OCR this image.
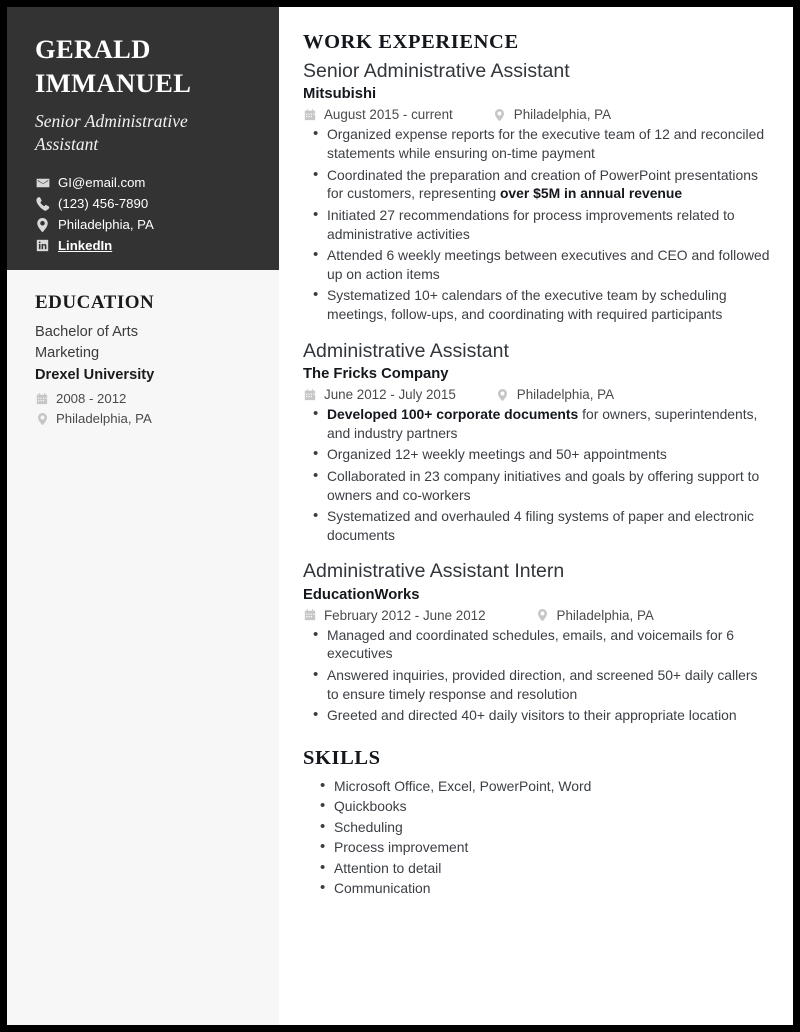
GERALD IMMANUEL
Senior Administrative Assistant
GI@email.com
(123) 456-7890
Philadelphia, PA
LinkedIn
EDUCATION
Bachelor of Arts
Marketing
Drexel University
2008 - 2012
Philadelphia, PA
WORK EXPERIENCE
Senior Administrative Assistant
Mitsubishi
August 2015 - current	Philadelphia, PA
• Organized expense reports for the executive team of 12 and reconciled statements while ensuring on-time payment
• Coordinated the preparation and creation of PowerPoint presentations for customers, representing over $5M in annual revenue
• Initiated 27 recommendations for process improvements related to administrative activities
• Attended 6 weekly meetings between executives and CEO and followed up on action items
• Systematized 10+ calendars of the executive team by scheduling meetings, follow-ups, and coordinating with required participants
Administrative Assistant
The Fricks Company
June 2012 - July 2015	Philadelphia, PA
• Developed 100+ corporate documents for owners, superintendents, and industry partners
• Organized 12+ weekly meetings and 50+ appointments
• Collaborated in 23 company initiatives and goals by offering support to owners and co-workers
• Systematized and overhauled 4 filing systems of paper and electronic documents
Administrative Assistant Intern
EducationWorks
February 2012 - June 2012	Philadelphia, PA
• Managed and coordinated schedules, emails, and voicemails for 6 executives
• Answered inquiries, provided direction, and screened 50+ daily callers to ensure timely response and resolution
• Greeted and directed 40+ daily visitors to their appropriate location
SKILLS
• Microsoft Office, Excel, PowerPoint, Word
• Quickbooks
• Scheduling
• Process improvement
• Attention to detail
• Communication
